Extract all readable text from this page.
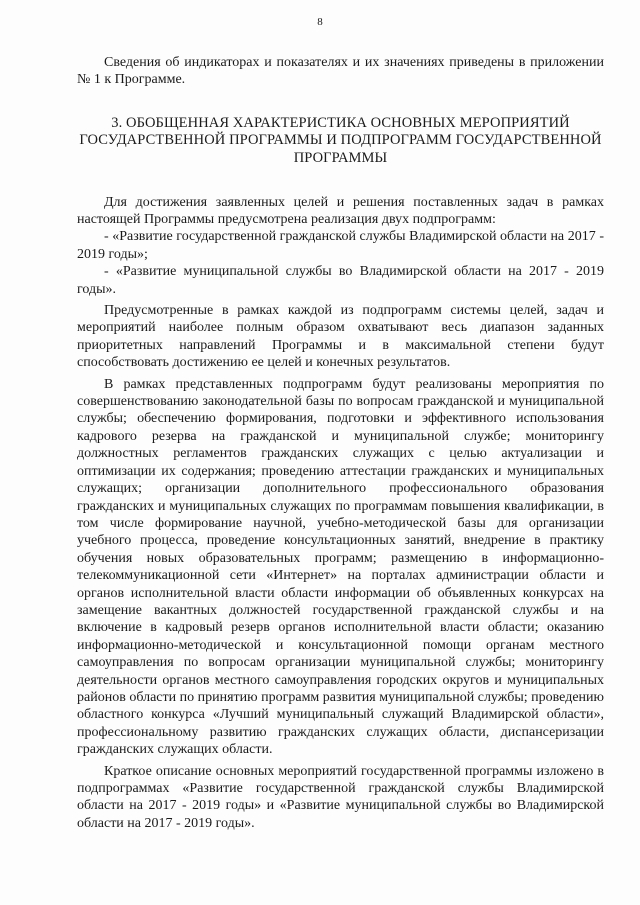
8

Сведения об индикаторах и показателях и их значениях приведены в приложении № 1 к Программе.

3. ОБОБЩЕННАЯ ХАРАКТЕРИСТИКА ОСНОВНЫХ МЕРОПРИЯТИЙ ГОСУДАРСТВЕННОЙ ПРОГРАММЫ И ПОДПРОГРАММ ГОСУДАРСТВЕННОЙ ПРОГРАММЫ

Для достижения заявленных целей и решения поставленных задач в рамках настоящей Программы предусмотрена реализация двух подпрограмм:

- «Развитие государственной гражданской службы Владимирской области на 2017 - 2019 годы»;

- «Развитие муниципальной службы во Владимирской области на 2017 - 2019 годы».

Предусмотренные в рамках каждой из подпрограмм системы целей, задач и мероприятий наиболее полным образом охватывают весь диапазон заданных приоритетных направлений Программы и в максимальной степени будут способствовать достижению ее целей и конечных результатов.

В рамках представленных подпрограмм будут реализованы мероприятия по совершенствованию законодательной базы по вопросам гражданской и муниципальной службы; обеспечению формирования, подготовки и эффективного использования кадрового резерва на гражданской и муниципальной службе; мониторингу должностных регламентов гражданских служащих с целью актуализации и оптимизации их содержания; проведению аттестации гражданских и муниципальных служащих; организации дополнительного профессионального образования гражданских и муниципальных служащих по программам повышения квалификации, в том числе формирование научной, учебно-методической базы для организации учебного процесса, проведение консультационных занятий, внедрение в практику обучения новых образовательных программ; размещению в информационно-телекоммуникационной сети «Интернет» на порталах администрации области и органов исполнительной власти области информации об объявленных конкурсах на замещение вакантных должностей государственной гражданской службы и на включение в кадровый резерв органов исполнительной власти области; оказанию информационно-методической и консультационной помощи органам местного самоуправления по вопросам организации муниципальной службы; мониторингу деятельности органов местного самоуправления городских округов и муниципальных районов области по принятию программ развития муниципальной службы; проведению областного конкурса «Лучший муниципальный служащий Владимирской области», профессиональному развитию гражданских служащих области, диспансеризации гражданских служащих области.

Краткое описание основных мероприятий государственной программы изложено в подпрограммах «Развитие государственной гражданской службы Владимирской области на 2017 - 2019 годы» и «Развитие муниципальной службы во Владимирской области на 2017 - 2019 годы».
